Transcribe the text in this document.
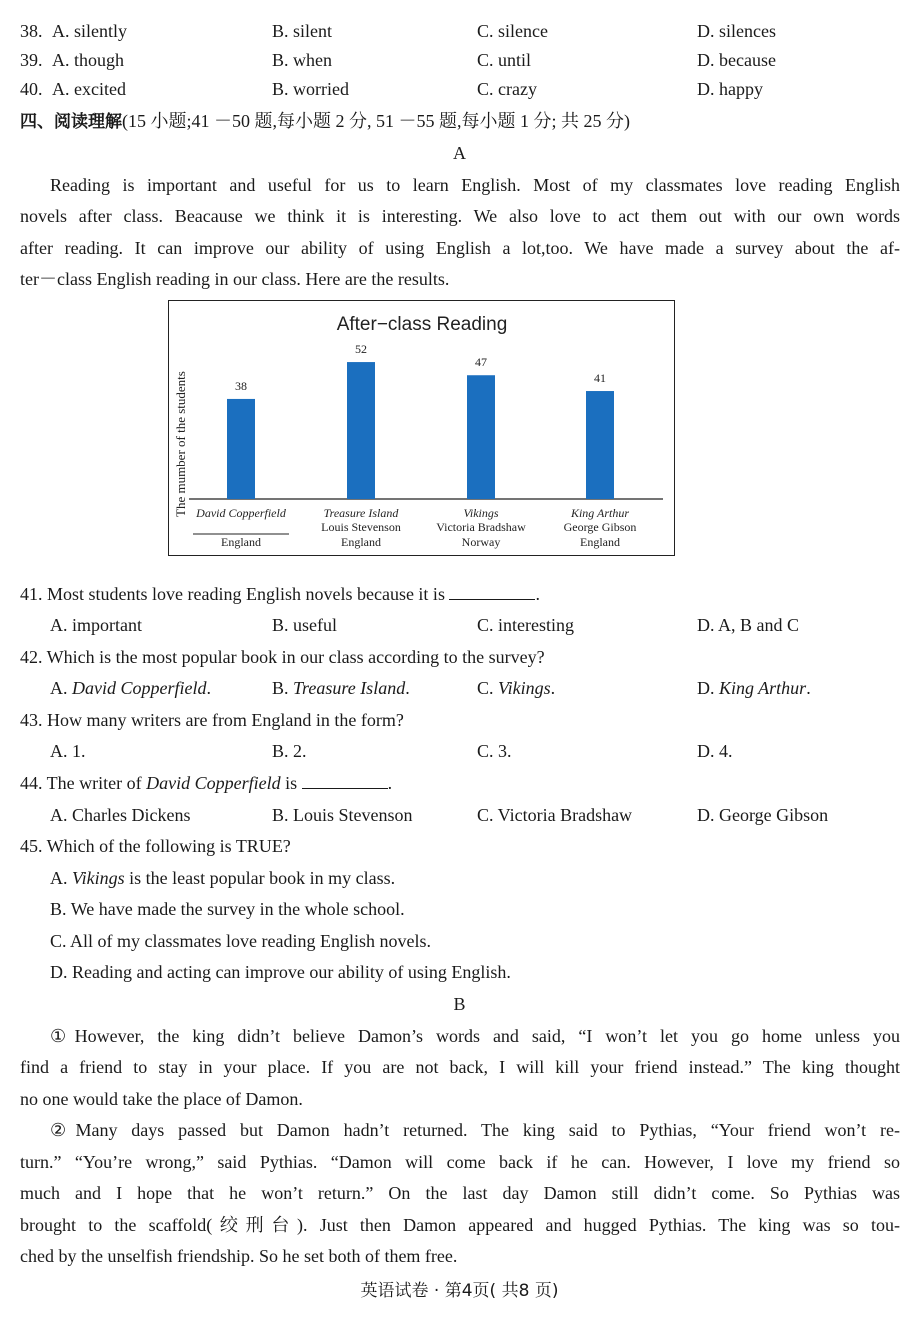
38. A. silently	B. silent	C. silence	D. silences
39. A. though	B. when	C. until	D. because
40. A. excited	B. worried	C. crazy	D. happy
四、阅读理解(15 小题;41 －50 题,每小题 2 分, 51 －55 题,每小题 1 分; 共 25 分)
A
Reading is important and useful for us to learn English. Most of my classmates love reading English
novels after class. Beacause we think it is interesting. We also love to act them out with our own words
after reading. It can improve our ability of using English a lot,too. We have made a survey about the af-
ter－class English reading in our class. Here are the results.
After−class Reading
The mumber of the students	38
David Copperfield
England
52
Treasure Island
Louis Stevenson
England
47
Vikings
Victoria Bradshaw
Norway
41
King Arthur
George Gibson
England
41. Most students love reading English novels because it is	.
A. important	B. useful	C. interesting	D. A, B and C
42. Which is the most popular book in our class according to the survey?
A. David Copperfield.	B. Treasure Island.	C. Vikings.	D. King Arthur.
43. How many writers are from England in the form?
A. 1.	B. 2.	C. 3.	D. 4.
44. The writer of David Copperfield is	.
A. Charles Dickens	B. Louis Stevenson	C. Victoria Bradshaw	D. George Gibson
45. Which of the following is TRUE?
A. Vikings is the least popular book in my class.
B. We have made the survey in the whole school.
C. All of my classmates love reading English novels.
D. Reading and acting can improve our ability of using English.
B
①However, the king didn’t believe Damon’s words and said, “I won’t let you go home unless you
find a friend to stay in your place. If you are not back, I will kill your friend instead.” The king thought
no one would take the place of Damon.
②Many days passed but Damon hadn’t returned. The king said to Pythias, “Your friend won’t re-
turn.” “You’re wrong,” said Pythias. “Damon will come back if he can. However, I love my friend so
much and I hope that he won’t return.” On the last day Damon still didn’t come. So Pythias was
brought to the scaffold(绞刑台). Just then Damon appeared and hugged Pythias. The king was so tou-
ched by the unselfish friendship. So he set both of them free.
英语试卷 · 第4页( 共8 页)
